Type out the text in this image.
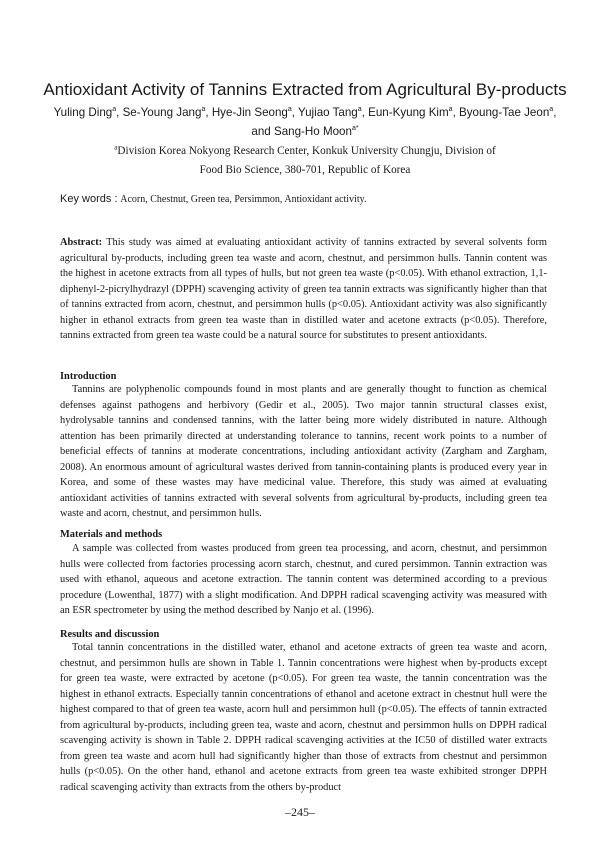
Antioxidant Activity of Tannins Extracted from Agricultural By-products
Yuling Ding$^a$, Se-Young Jang$^a$, Hye-Jin Seong$^a$, Yujiao Tang$^a$, Eun-Kyung Kim$^a$, Byoung-Tae Jeon$^a$,
and Sang-Ho Moon$^{a*}$
$^a$Division Korea Nokyong Research Center, Konkuk University Chungju, Division of
Food Bio Science, 380-701, Republic of Korea
Key words : Acorn, Chestnut, Green tea, Persimmon, Antioxidant activity.

Abstract: This study was aimed at evaluating antioxidant activity of tannins extracted by several solvents form agricultural by-products, including green tea waste and acorn, chestnut, and persimmon hulls. Tannin content was the highest in acetone extracts from all types of hulls, but not green tea waste (p<0.05). With ethanol extraction, 1,1-diphenyl-2-picrylhydrazyl (DPPH) scavenging activity of green tea tannin extracts was significantly higher than that of tannins extracted from acorn, chestnut, and persimmon hulls (p<0.05). Antioxidant activity was also significantly higher in ethanol extracts from green tea waste than in distilled water and acetone extracts (p<0.05). Therefore, tannins extracted from green tea waste could be a natural source for substitutes to present antioxidants.

Introduction

Tannins are polyphenolic compounds found in most plants and are generally thought to function as chemical defenses against pathogens and herbivory (Gedir et al., 2005). Two major tannin structural classes exist, hydrolysable tannins and condensed tannins, with the latter being more widely distributed in nature. Although attention has been primarily directed at understanding tolerance to tannins, recent work points to a number of beneficial effects of tannins at moderate concentrations, including antioxidant activity (Zargham and Zargham, 2008). An enormous amount of agricultural wastes derived from tannin-containing plants is produced every year in Korea, and some of these wastes may have medicinal value. Therefore, this study was aimed at evaluating antioxidant activities of tannins extracted with several solvents from agricultural by-products, including green tea waste and acorn, chestnut, and persimmon hulls.

Materials and methods

A sample was collected from wastes produced from green tea processing, and acorn, chestnut, and persimmon hulls were collected from factories processing acorn starch, chestnut, and cured persimmon. Tannin extraction was used with ethanol, aqueous and acetone extraction. The tannin content was determined according to a previous procedure (Lowenthal, 1877) with a slight modification. And DPPH radical scavenging activity was measured with an ESR spectrometer by using the method described by Nanjo et al. (1996).

Results and discussion

Total tannin concentrations in the distilled water, ethanol and acetone extracts of green tea waste and acorn, chestnut, and persimmon hulls are shown in Table 1. Tannin concentrations were highest when by-products except for green tea waste, were extracted by acetone (p<0.05). For green tea waste, the tannin concentration was the highest in ethanol extracts. Especially tannin concentrations of ethanol and acetone extract in chestnut hull were the highest compared to that of green tea waste, acorn hull and persimmon hull (p<0.05). The effects of tannin extracted from agricultural by-products, including green tea, waste and acorn, chestnut and persimmon hulls on DPPH radical scavenging activity is shown in Table 2. DPPH radical scavenging activities at the IC50 of distilled water extracts from green tea waste and acorn hull had significantly higher than those of extracts from chestnut and persimmon hulls (p<0.05). On the other hand, ethanol and acetone extracts from green tea waste exhibited stronger DPPH radical scavenging activity than extracts from the others by-product

–245–
